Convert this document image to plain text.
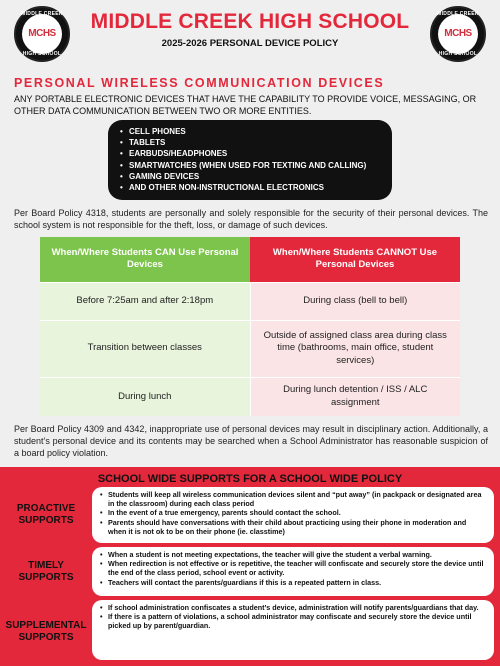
MIDDLE CREEK
MCHS
HIGH SCHOOL
MIDDLE CREEK
MCHS
HIGH SCHOOL
MIDDLE CREEK HIGH SCHOOL
2025-2026 PERSONAL DEVICE POLICY
PERSONAL WIRELESS COMMUNICATION DEVICES

ANY PORTABLE ELECTRONIC DEVICES THAT HAVE THE CAPABILITY TO PROVIDE VOICE, MESSAGING, OR OTHER DATA COMMUNICATION BETWEEN TWO OR MORE ENTITIES.

• CELL PHONES
• TABLETS
• EARBUDS/HEADPHONES
• SMARTWATCHES (WHEN USED FOR TEXTING AND CALLING)
• GAMING DEVICES
• AND OTHER NON-INSTRUCTIONAL ELECTRONICS

Per Board Policy 4318, students are personally and solely responsible for the security of their personal devices. The school system is not responsible for the theft, loss, or damage of such devices.

When/Where Students CAN Use Personal Devices	When/Where Students CANNOT Use Personal Devices
Before 7:25am and after 2:18pm	During class (bell to bell)
Transition between classes	Outside of assigned class area during class time (bathrooms, main office, student services)
During lunch	During lunch detention / ISS / ALC assignment

Per Board Policy 4309 and 4342, inappropriate use of personal devices may result in disciplinary action. Additionally, a student’s personal device and its contents may be searched when a School Administrator has reasonable suspicion of a board policy violation.

SCHOOL WIDE SUPPORTS FOR A SCHOOL WIDE POLICY
PROACTIVE SUPPORTS
• Students will keep all wireless communication devices silent and “put away” (in packpack or designated area in the classroom) during each class period
• In the event of a true emergency, parents should contact the school.
• Parents should have conversations with their child about practicing using their phone in moderation and when it is not ok to be on their phone (ie. classtime)
TIMELY SUPPORTS
• When a student is not meeting expectations, the teacher will give the student a verbal warning.
• When redirection is not effective or is repetitive, the teacher will confiscate and securely store the device until the end of the class period, school event or activity.
• Teachers will contact the parents/guardians if this is a repeated pattern in class.
SUPPLEMENTAL SUPPORTS
• If school administration confiscates a student’s device, administration will notify parents/guardians that day.
• If there is a pattern of violations, a school administrator may confiscate and securely store the device until picked up by parent/guardian.
